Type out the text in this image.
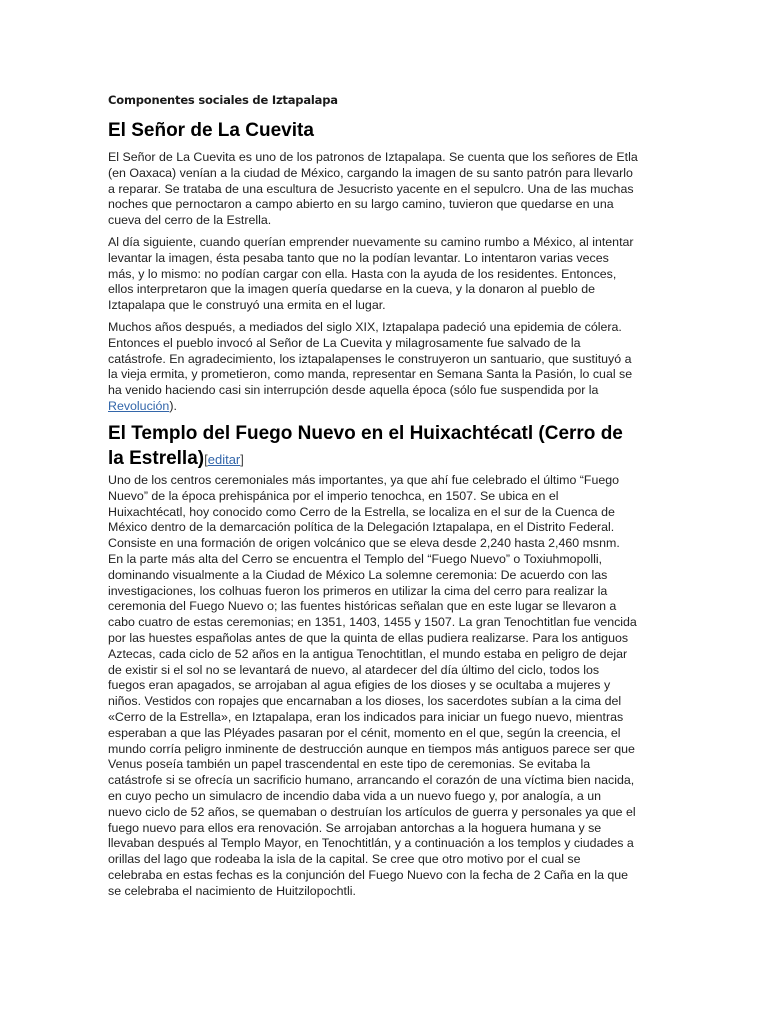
Componentes sociales de Iztapalapa
El Señor de La Cuevita

El Señor de La Cuevita es uno de los patronos de Iztapalapa. Se cuenta que los señores de Etla (en Oaxaca) venían a la ciudad de México, cargando la imagen de su santo patrón para llevarlo a reparar. Se trataba de una escultura de Jesucristo yacente en el sepulcro. Una de las muchas noches que pernoctaron a campo abierto en su largo camino, tuvieron que quedarse en una cueva del cerro de la Estrella.

Al día siguiente, cuando querían emprender nuevamente su camino rumbo a México, al intentar levantar la imagen, ésta pesaba tanto que no la podían levantar. Lo intentaron varias veces más, y lo mismo: no podían cargar con ella. Hasta con la ayuda de los residentes. Entonces, ellos interpretaron que la imagen quería quedarse en la cueva, y la donaron al pueblo de Iztapalapa que le construyó una ermita en el lugar.

Muchos años después, a mediados del siglo XIX, Iztapalapa padeció una epidemia de cólera. Entonces el pueblo invocó al Señor de La Cuevita y milagrosamente fue salvado de la catástrofe. En agradecimiento, los iztapalapenses le construyeron un santuario, que sustituyó a la vieja ermita, y prometieron, como manda, representar en Semana Santa la Pasión, lo cual se ha venido haciendo casi sin interrupción desde aquella época (sólo fue suspendida por la Revolución).

El Templo del Fuego Nuevo en el Huixachtécatl (Cerro de la Estrella)[editar]

Uno de los centros ceremoniales más importantes, ya que ahí fue celebrado el último “Fuego Nuevo” de la época prehispánica por el imperio tenochca, en 1507. Se ubica en el Huixachtécatl, hoy conocido como Cerro de la Estrella, se localiza en el sur de la Cuenca de México dentro de la demarcación política de la Delegación Iztapalapa, en el Distrito Federal. Consiste en una formación de origen volcánico que se eleva desde 2,240 hasta 2,460 msnm. En la parte más alta del Cerro se encuentra el Templo del “Fuego Nuevo” o Toxiuhmopolli, dominando visualmente a la Ciudad de México La solemne ceremonia: De acuerdo con las investigaciones, los colhuas fueron los primeros en utilizar la cima del cerro para realizar la ceremonia del Fuego Nuevo o; las fuentes históricas señalan que en este lugar se llevaron a cabo cuatro de estas ceremonias; en 1351, 1403, 1455 y 1507. La gran Tenochtitlan fue vencida por las huestes españolas antes de que la quinta de ellas pudiera realizarse. Para los antiguos Aztecas, cada ciclo de 52 años en la antigua Tenochtitlan, el mundo estaba en peligro de dejar de existir si el sol no se levantará de nuevo, al atardecer del día último del ciclo, todos los fuegos eran apagados, se arrojaban al agua efigies de los dioses y se ocultaba a mujeres y niños. Vestidos con ropajes que encarnaban a los dioses, los sacerdotes subían a la cima del «Cerro de la Estrella», en Iztapalapa, eran los indicados para iniciar un fuego nuevo, mientras esperaban a que las Pléyades pasaran por el cénit, momento en el que, según la creencia, el mundo corría peligro inminente de destrucción aunque en tiempos más antiguos parece ser que Venus poseía también un papel trascendental en este tipo de ceremonias. Se evitaba la catástrofe si se ofrecía un sacrificio humano, arrancando el corazón de una víctima bien nacida, en cuyo pecho un simulacro de incendio daba vida a un nuevo fuego y, por analogía, a un nuevo ciclo de 52 años, se quemaban o destruían los artículos de guerra y personales ya que el fuego nuevo para ellos era renovación. Se arrojaban antorchas a la hoguera humana y se llevaban después al Templo Mayor, en Tenochtitlán, y a continuación a los templos y ciudades a orillas del lago que rodeaba la isla de la capital. Se cree que otro motivo por el cual se celebraba en estas fechas es la conjunción del Fuego Nuevo con la fecha de 2 Caña en la que se celebraba el nacimiento de Huitzilopochtli.
